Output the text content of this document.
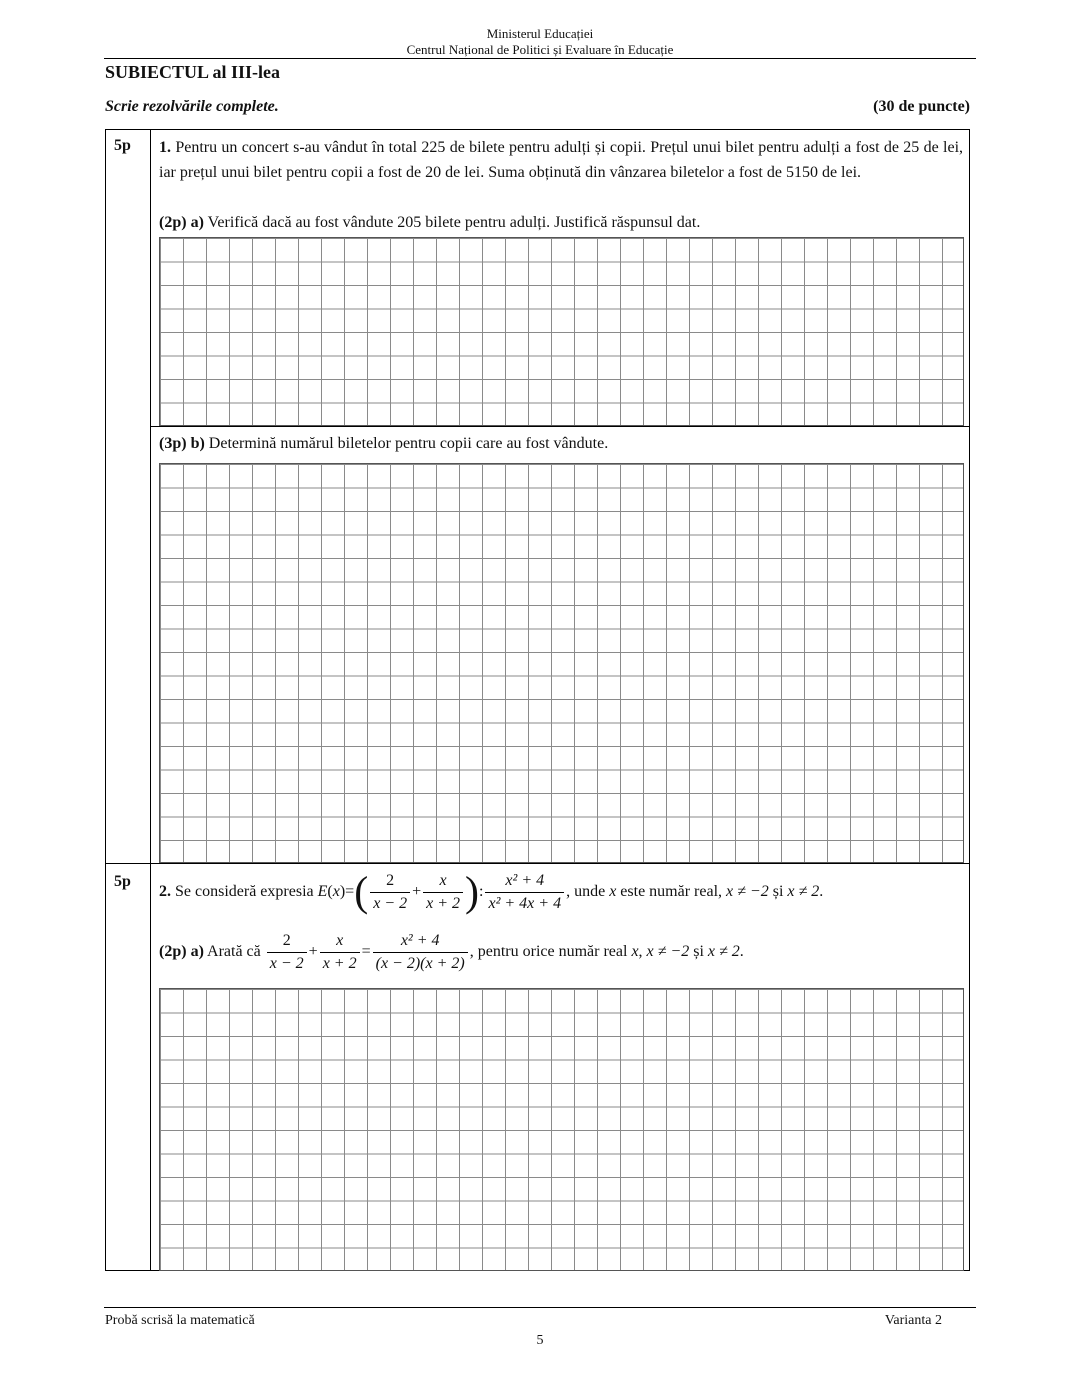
Ministerul Educației
Centrul Național de Politici și Evaluare în Educație
SUBIECTUL al III-lea
Scrie rezolvările complete.	(30 de puncte)
5p 1. Pentru un concert s-au vândut în total 225 de bilete pentru adulți și copii. Prețul unui bilet pentru adulți a fost de 25 de lei, iar prețul unui bilet pentru copii a fost de 20 de lei. Suma obținută din vânzarea biletelor a fost de 5150 de lei.
(2p) a) Verifică dacă au fost vândute 205 bilete pentru adulți. Justifică răspunsul dat.
(3p) b) Determină numărul biletelor pentru copii care au fost vândute.
5p
2. Se consideră expresia $E(x)=( \frac{2}{x - 2} + \frac{x}{x + 2}$ ): $\frac{\text{x² + 4}}{\text{x² + 4x + 4}}$ , unde x este număr real, x ≠ −2 și x ≠ 2.
(2p) a) Arată că $\frac{2}{x - 2} + \frac{x}{x + 2} = \frac{\text{x² + 4}}{(x - 2)(x + 2)}$ , pentru orice număr real x, x ≠ −2 și x ≠ 2.
Probă scrisă la matematică	Varianta 2
5
